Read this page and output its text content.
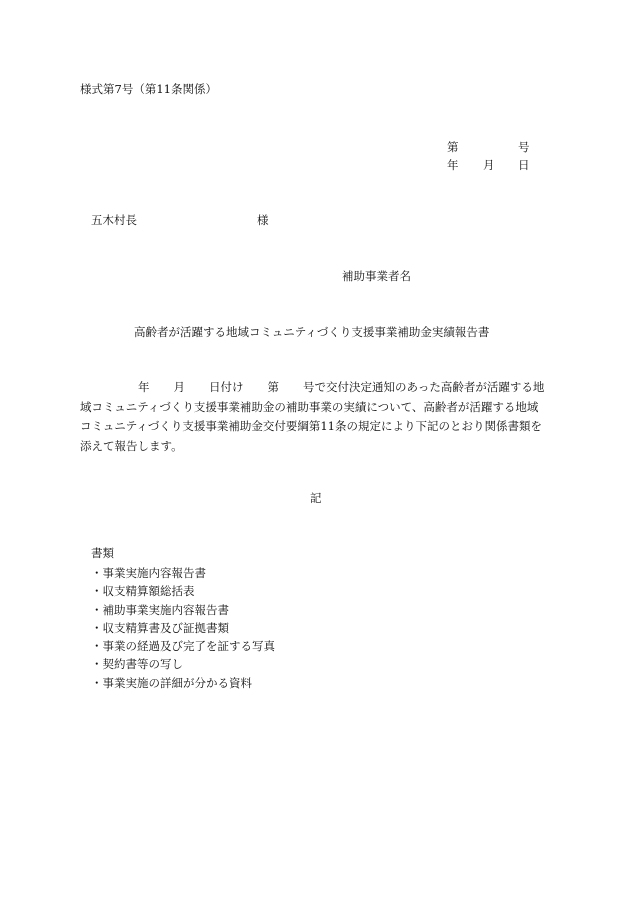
様式第7号（第11条関係）
第	号
年 月 日
五木村長	様
補助事業者名
高齢者が活躍する地域コミュニティづくり支援事業補助金実績報告書
年 月 日付け 第 号で交付決定通知のあった高齢者が活躍する地
域コミュニティづくり支援事業補助金の補助事業の実績について、高齢者が活躍する地域
コミュニティづくり支援事業補助金交付要綱第11条の規定により下記のとおり関係書類を
添えて報告します。
記
書類
・事業実施内容報告書
・収支精算額総括表
・補助事業実施内容報告書
・収支精算書及び証拠書類
・事業の経過及び完了を証する写真
・契約書等の写し
・事業実施の詳細が分かる資料
